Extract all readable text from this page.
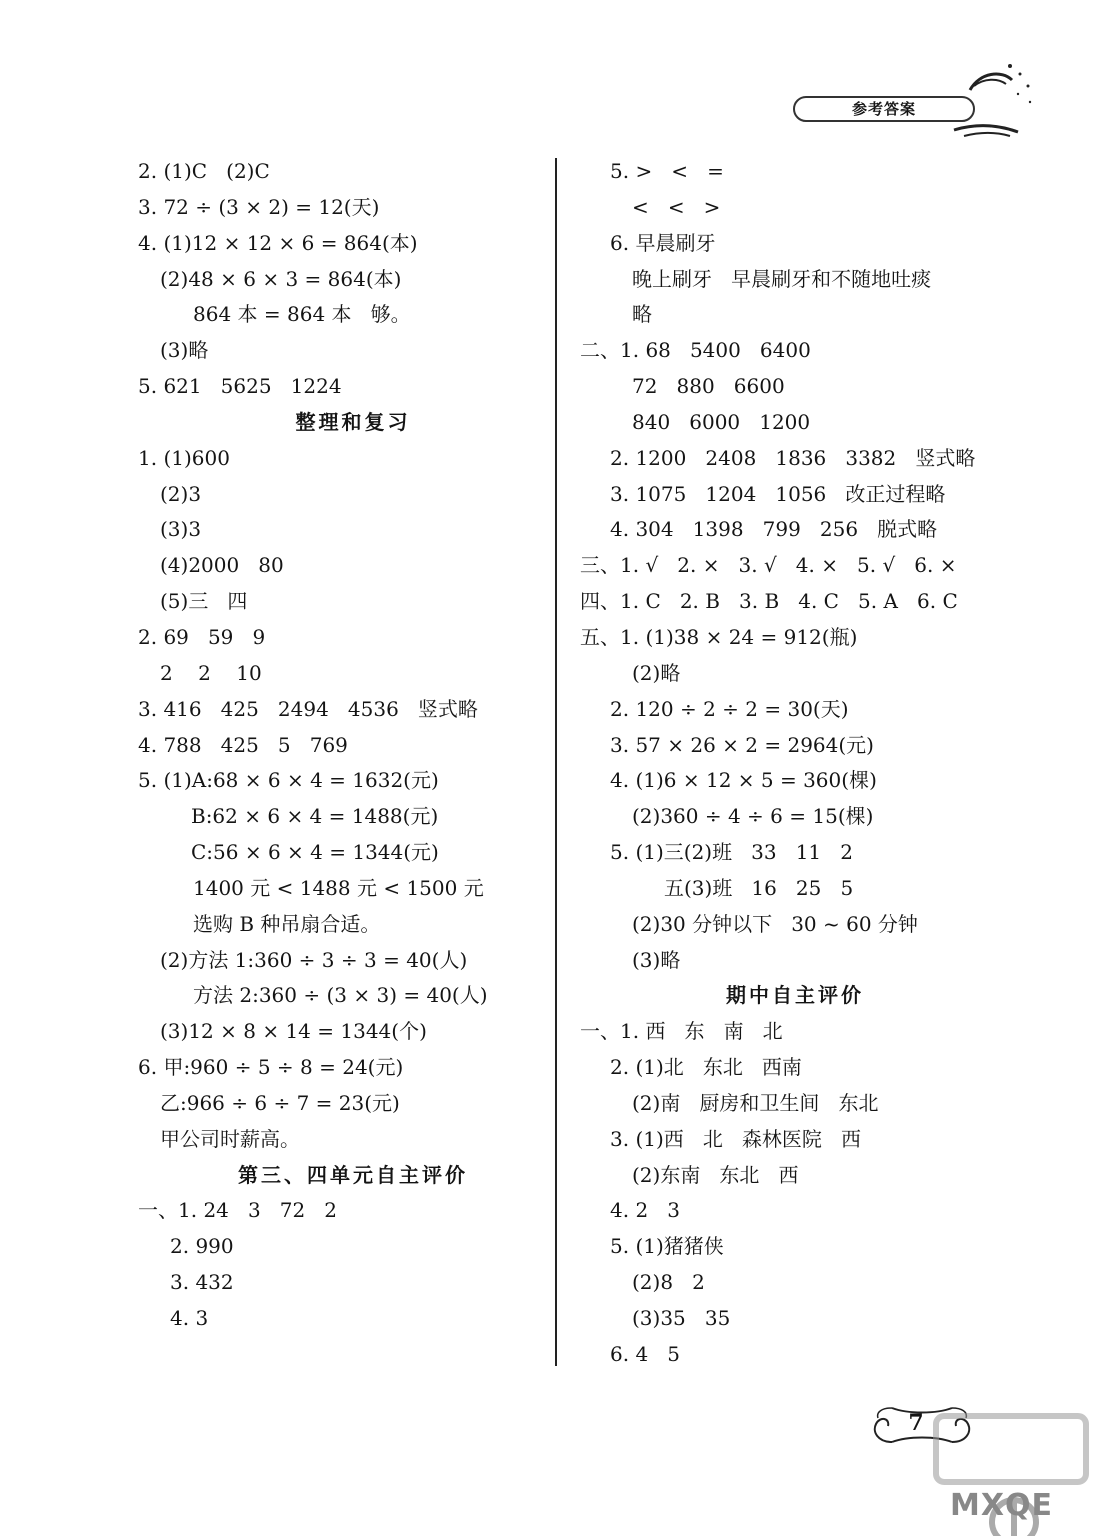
参考答案
2. (1)C   (2)C
3. 72 ÷ (3 × 2) = 12(天)
4. (1)12 × 12 × 6 = 864(本)
(2)48 × 6 × 3 = 864(本)
864 本 = 864 本   够。
(3)略
5. 621   5625   1224
整理和复习
1. (1)600
(2)3
(3)3
(4)2000   80
(5)三   四
2. 69   59   9
2    2    10
3. 416   425   2494   4536   竖式略
4. 788   425   5   769
5. (1)A:68 × 6 × 4 = 1632(元)
B:62 × 6 × 4 = 1488(元)
C:56 × 6 × 4 = 1344(元)
1400 元 < 1488 元 < 1500 元
选购 B 种吊扇合适。
(2)方法 1:360 ÷ 3 ÷ 3 = 40(人)
方法 2:360 ÷ (3 × 3) = 40(人)
(3)12 × 8 × 14 = 1344(个)
6. 甲:960 ÷ 5 ÷ 8 = 24(元)
乙:966 ÷ 6 ÷ 7 = 23(元)
甲公司时薪高。
第三、四单元自主评价
一、1. 24   3   72   2
2. 990
3. 432
4. 3
5. >   <   =
<   <   >
6. 早晨刷牙
晚上刷牙   早晨刷牙和不随地吐痰
略
二、1. 68   5400   6400
72   880   6600
840   6000   1200
2. 1200   2408   1836   3382   竖式略
3. 1075   1204   1056   改正过程略
4. 304   1398   799   256   脱式略
三、1. √   2. ×   3. √   4. ×   5. √   6. ×
四、1. C   2. B   3. B   4. C   5. A   6. C
五、1. (1)38 × 24 = 912(瓶)
(2)略
2. 120 ÷ 2 ÷ 2 = 30(天)
3. 57 × 26 × 2 = 2964(元)
4. (1)6 × 12 × 5 = 360(棵)
(2)360 ÷ 4 ÷ 6 = 15(棵)
5. (1)三(2)班   33   11   2
五(3)班   16   25   5
(2)30 分钟以下   30 ~ 60 分钟
(3)略
期中自主评价
一、1. 西   东   南   北
2. (1)北   东北   西南
(2)南   厨房和卫生间   东北
3. (1)西   北   森林医院   西
(2)东南   东北   西
4. 2   3
5. (1)猪猪侠
(2)8   2
(3)35   35
6. 4   5
7
MXQE
